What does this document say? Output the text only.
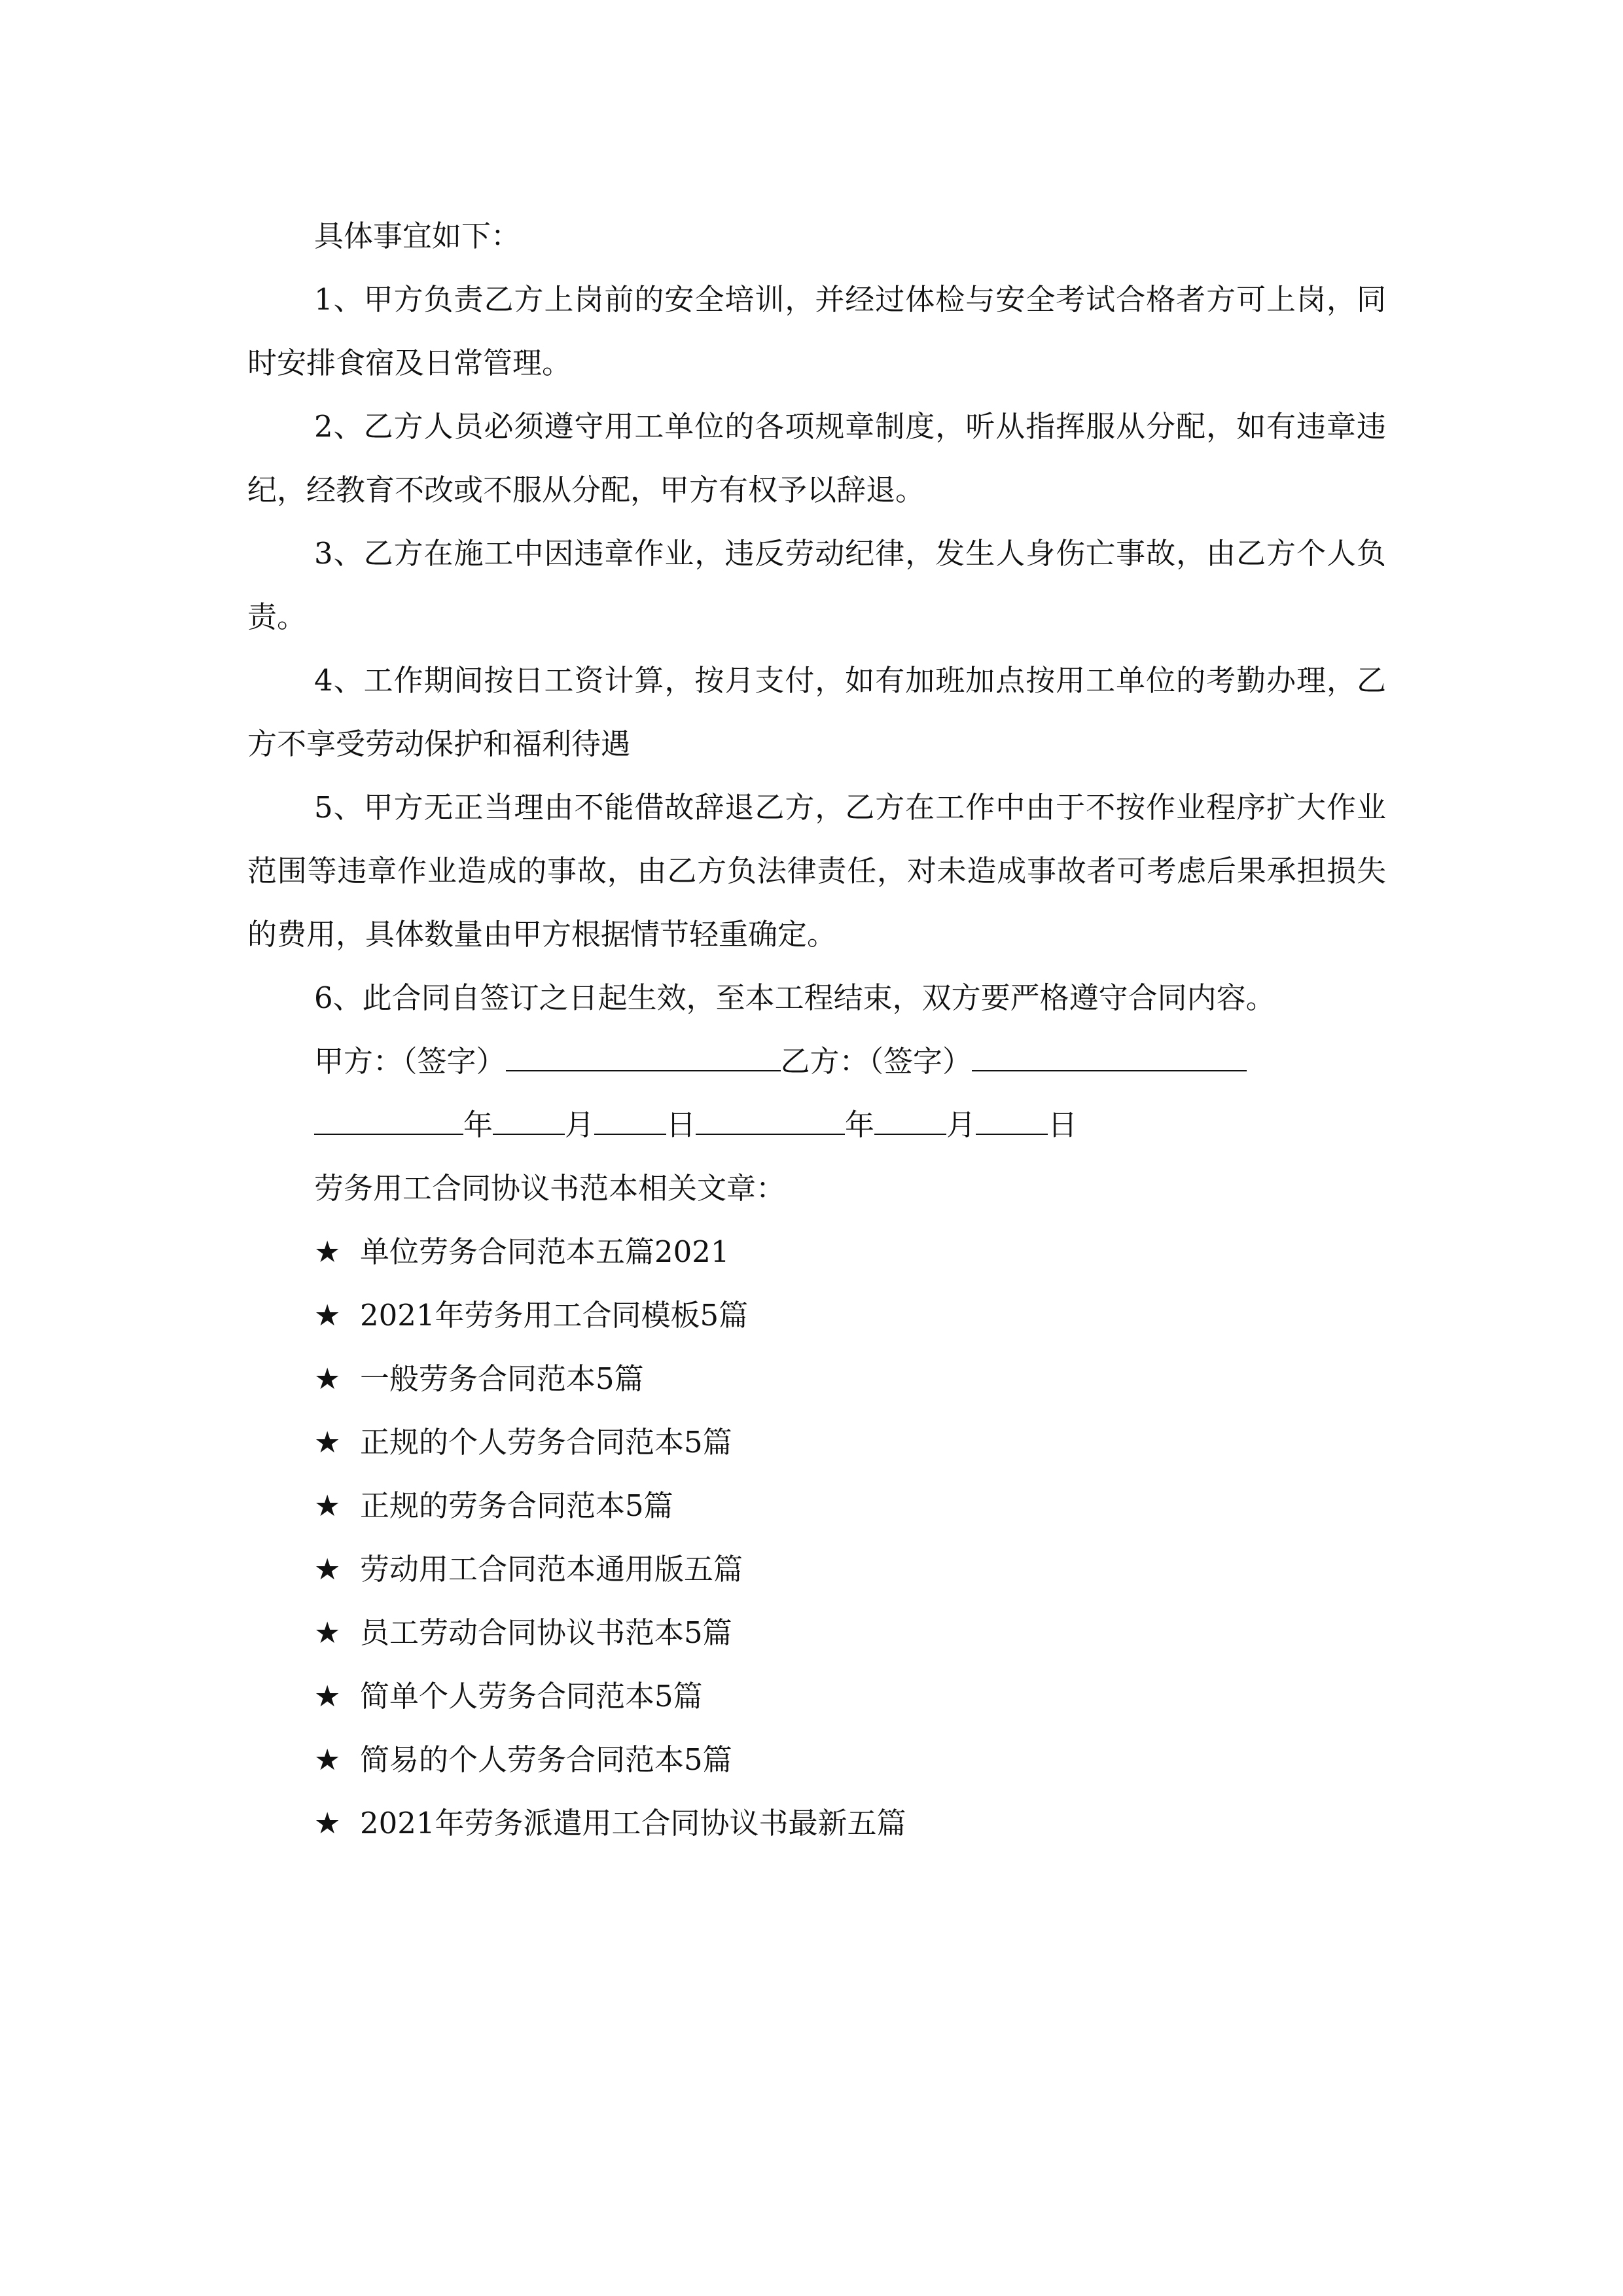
具体事宜如下：

1、甲方负责乙方上岗前的安全培训，并经过体检与安全考试合格者方可上岗，同时安排食宿及日常管理。

2、乙方人员必须遵守用工单位的各项规章制度，听从指挥服从分配，如有违章违纪，经教育不改或不服从分配，甲方有权予以辞退。

3、乙方在施工中因违章作业，违反劳动纪律，发生人身伤亡事故，由乙方个人负责。

4、工作期间按日工资计算，按月支付，如有加班加点按用工单位的考勤办理，乙方不享受劳动保护和福利待遇

5、甲方无正当理由不能借故辞退乙方，乙方在工作中由于不按作业程序扩大作业范围等违章作业造成的事故，由乙方负法律责任，对未造成事故者可考虑后果承担损失的费用，具体数量由甲方根据情节轻重确定。

6、此合同自签订之日起生效，至本工程结束，双方要严格遵守合同内容。

甲方：（签字）	乙方：（签字）

年 月 日	年 月 日

劳务用工合同协议书范本相关文章：

★ 单位劳务合同范本五篇2021
★ 2021年劳务用工合同模板5篇
★ 一般劳务合同范本5篇
★ 正规的个人劳务合同范本5篇
★ 正规的劳务合同范本5篇
★ 劳动用工合同范本通用版五篇
★ 员工劳动合同协议书范本5篇
★ 简单个人劳务合同范本5篇
★ 简易的个人劳务合同范本5篇
★ 2021年劳务派遣用工合同协议书最新五篇
